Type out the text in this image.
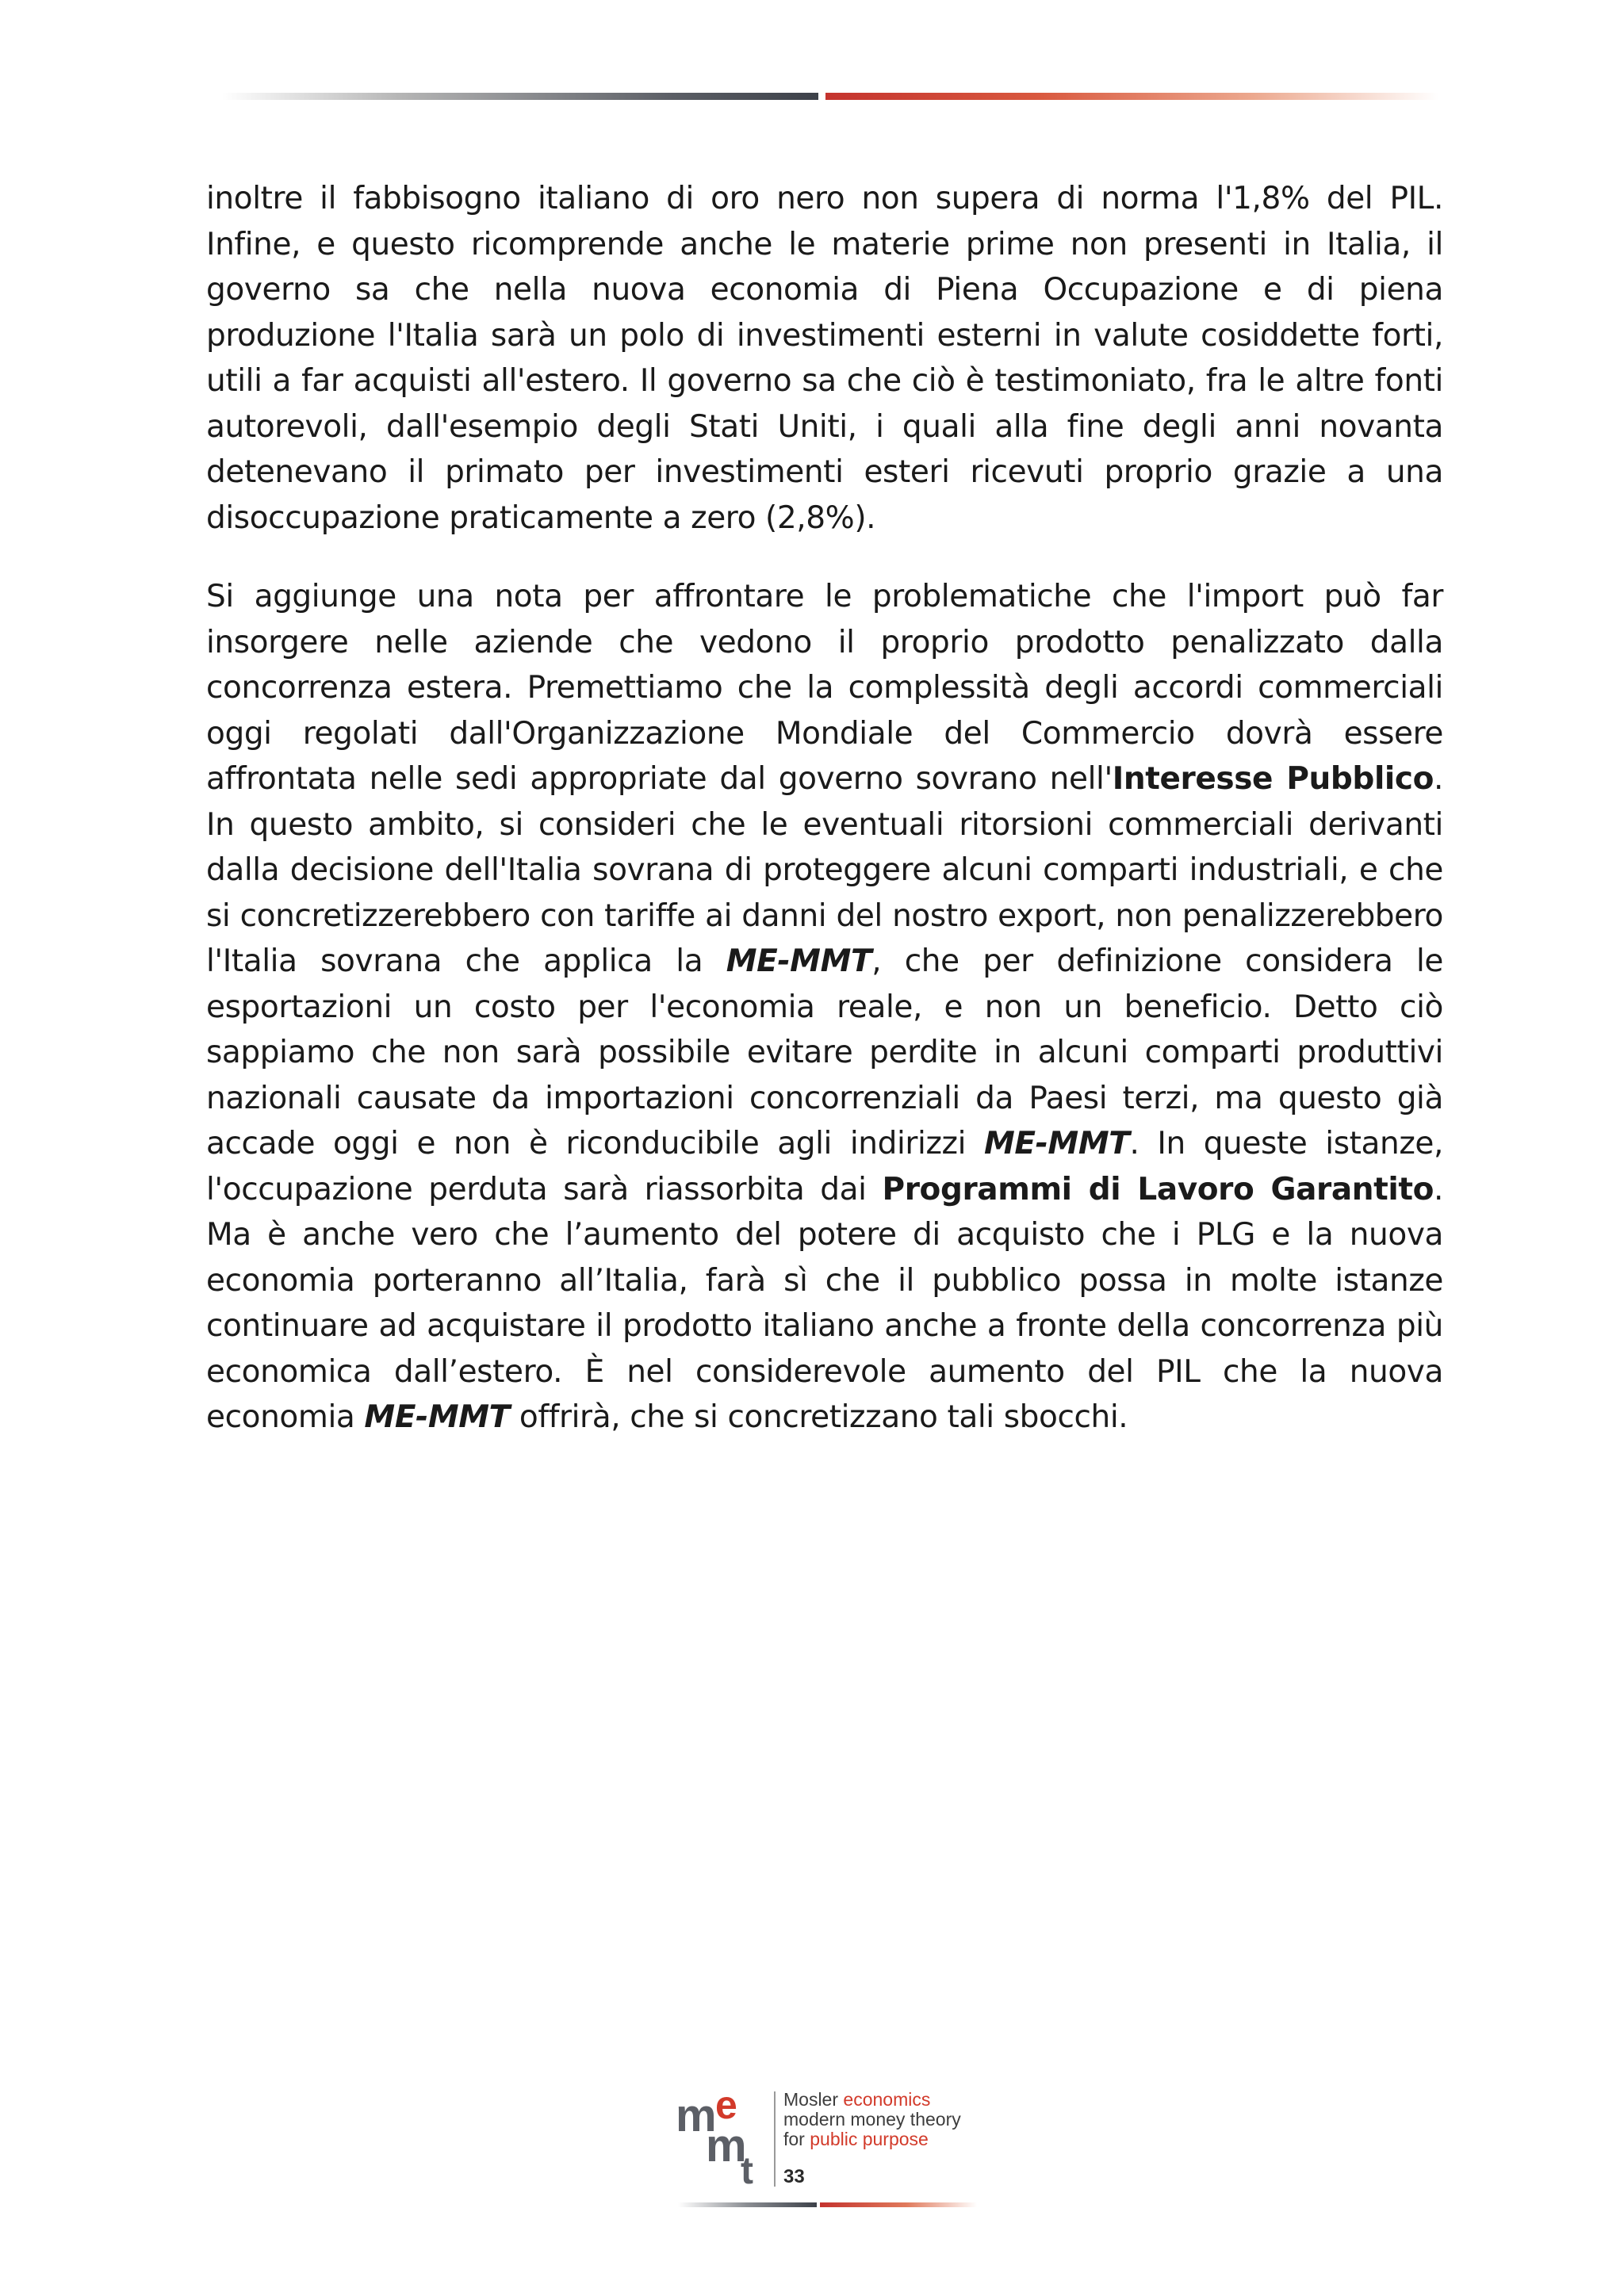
inoltre il fabbisogno italiano di oro nero non supera di norma l'1,8% del PIL. Infine, e questo ricomprende anche le materie prime non presenti in Italia, il governo sa che nella nuova economia di Piena Occupazione e di piena produzione l'Italia sarà un polo di investimenti esterni in valute cosiddette forti, utili a far acquisti all'estero. Il governo sa che ciò è testimoniato, fra le altre fonti autorevoli, dall'esempio degli Stati Uniti, i quali alla fine degli anni novanta detenevano il primato per investimenti esteri ricevuti proprio grazie a una disoccupazione praticamente a zero (2,8%).

Si aggiunge una nota per affrontare le problematiche che l'import può far insorgere nelle aziende che vedono il proprio prodotto penalizzato dalla concorrenza estera. Premettiamo che la complessità degli accordi commerciali oggi regolati dall'Organizzazione Mondiale del Commercio dovrà essere affrontata nelle sedi appropriate dal governo sovrano nell'Interesse Pubblico. In questo ambito, si consideri che le eventuali ritorsioni commerciali derivanti dalla decisione dell'Italia sovrana di proteggere alcuni comparti industriali, e che si concretizzerebbero con tariffe ai danni del nostro export, non penalizzerebbero l'Italia sovrana che applica la ME-MMT, che per definizione considera le esportazioni un costo per l'economia reale, e non un beneficio. Detto ciò sappiamo che non sarà possibile evitare perdite in alcuni comparti produttivi nazionali causate da importazioni concorrenziali da Paesi terzi, ma questo già accade oggi e non è riconducibile agli indirizzi ME-MMT. In queste istanze, l'occupazione perduta sarà riassorbita dai Programmi di Lavoro Garantito. Ma è anche vero che l’aumento del potere di acquisto che i PLG e la nuova economia porteranno all’Italia, farà sì che il pubblico possa in molte istanze continuare ad acquistare il prodotto italiano anche a fronte della concorrenza più economica dall’estero. È nel considerevole aumento del PIL che la nuova economia ME-MMT offrirà, che si concretizzano tali sbocchi.

m
e
m
t
Mosler economics
modern money theory
for public purpose
33
